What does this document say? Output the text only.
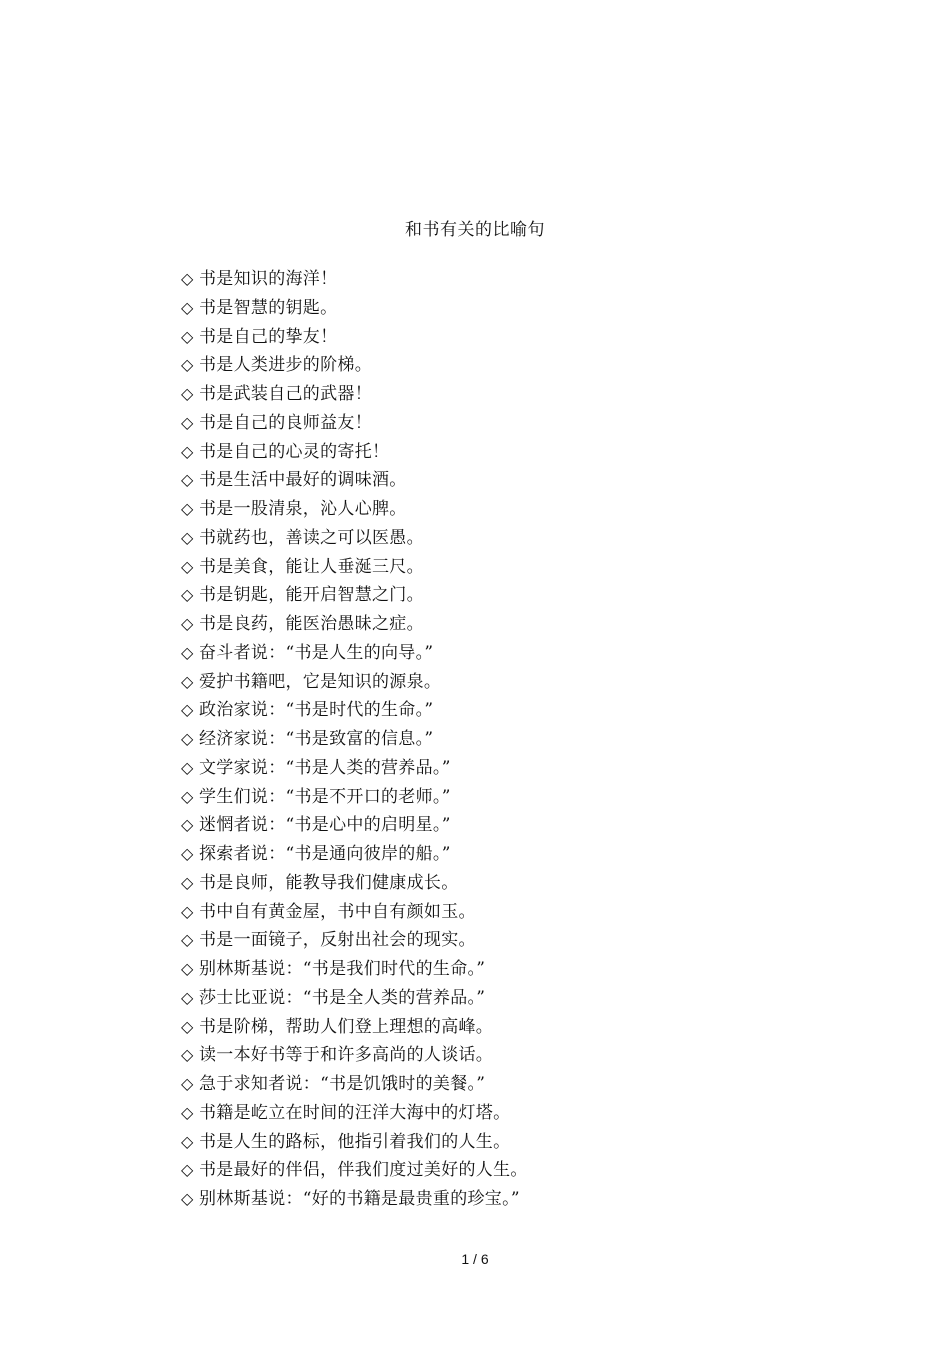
和书有关的比喻句
◇ 书是知识的海洋！
◇ 书是智慧的钥匙。
◇ 书是自己的挚友！
◇ 书是人类进步的阶梯。
◇ 书是武装自己的武器！
◇ 书是自己的良师益友！
◇ 书是自己的心灵的寄托！
◇ 书是生活中最好的调味酒。
◇ 书是一股清泉，沁人心脾。
◇ 书就药也，善读之可以医愚。
◇ 书是美食，能让人垂涎三尺。
◇ 书是钥匙，能开启智慧之门。
◇ 书是良药，能医治愚昧之症。
◇ 奋斗者说：“书是人生的向导。”
◇ 爱护书籍吧，它是知识的源泉。
◇ 政治家说：“书是时代的生命。”
◇ 经济家说：“书是致富的信息。”
◇ 文学家说：“书是人类的营养品。”
◇ 学生们说：“书是不开口的老师。”
◇ 迷惘者说：“书是心中的启明星。”
◇ 探索者说：“书是通向彼岸的船。”
◇ 书是良师，能教导我们健康成长。
◇ 书中自有黄金屋，书中自有颜如玉。
◇ 书是一面镜子，反射出社会的现实。
◇ 别林斯基说：“书是我们时代的生命。”
◇ 莎士比亚说：“书是全人类的营养品。”
◇ 书是阶梯，帮助人们登上理想的高峰。
◇ 读一本好书等于和许多高尚的人谈话。
◇ 急于求知者说：“书是饥饿时的美餐。”
◇ 书籍是屹立在时间的汪洋大海中的灯塔。
◇ 书是人生的路标，他指引着我们的人生。
◇ 书是最好的伴侣，伴我们度过美好的人生。
◇ 别林斯基说：“好的书籍是最贵重的珍宝。”
1 / 6
